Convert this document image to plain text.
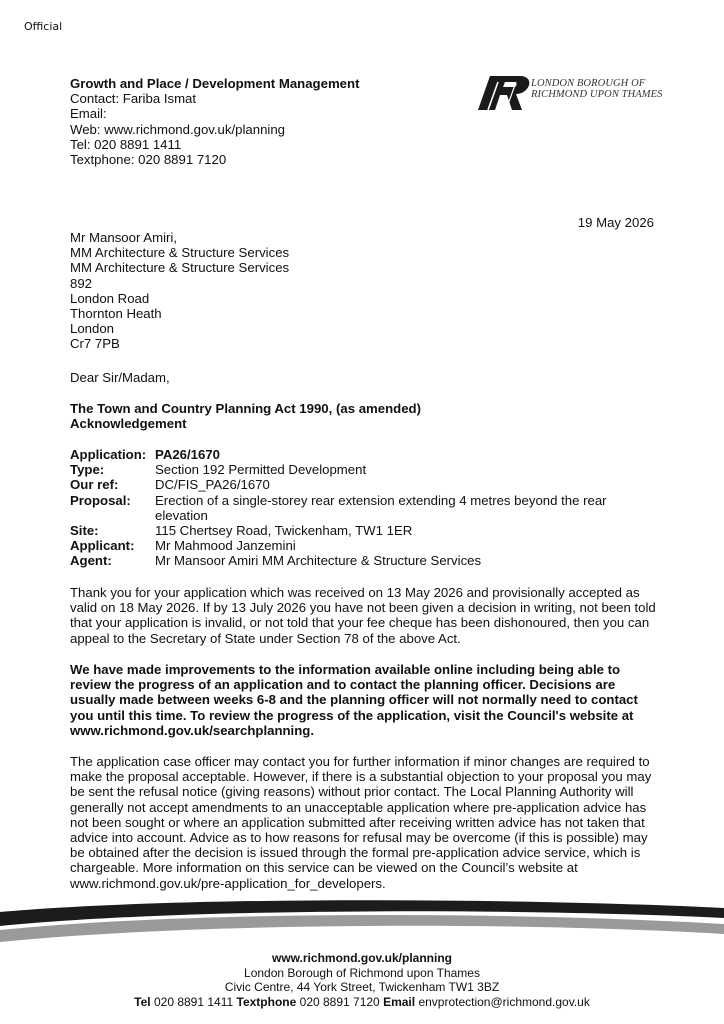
Official
Growth and Place / Development Management
Contact: Fariba Ismat
Email:
Web: www.richmond.gov.uk/planning
Tel: 020 8891 1411
Textphone: 020 8891 7120
LONDON BOROUGH OF
RICHMOND UPON THAMES
19 May 2026
Mr Mansoor Amiri,
MM Architecture & Structure Services
MM Architecture & Structure Services
892
London Road
Thornton Heath
London
Cr7 7PB
Dear Sir/Madam,
The Town and Country Planning Act 1990, (as amended)
Acknowledgement
Application: PA26/1670
Type:	Section 192 Permitted Development
Our ref:	DC/FIS_PA26/1670
Proposal:	Erection of a single-storey rear extension extending 4 metres beyond the rear elevation
Site:	115 Chertsey Road, Twickenham, TW1 1ER
Applicant:	Mr Mahmood Janzemini
Agent:	Mr Mansoor Amiri MM Architecture & Structure Services
Thank you for your application which was received on 13 May 2026 and provisionally accepted as valid on 18 May 2026. If by 13 July 2026 you have not been given a decision in writing, not been told that your application is invalid, or not told that your fee cheque has been dishonoured, then you can appeal to the Secretary of State under Section 78 of the above Act.
We have made improvements to the information available online including being able to review the progress of an application and to contact the planning officer. Decisions are usually made between weeks 6-8 and the planning officer will not normally need to contact you until this time. To review the progress of the application, visit the Council's website at www.richmond.gov.uk/searchplanning.
The application case officer may contact you for further information if minor changes are required to make the proposal acceptable. However, if there is a substantial objection to your proposal you may be sent the refusal notice (giving reasons) without prior contact. The Local Planning Authority will generally not accept amendments to an unacceptable application where pre-application advice has not been sought or where an application submitted after receiving written advice has not taken that advice into account. Advice as to how reasons for refusal may be overcome (if this is possible) may be obtained after the decision is issued through the formal pre-application advice service, which is chargeable. More information on this service can be viewed on the Council’s website at www.richmond.gov.uk/pre-application_for_developers.
www.richmond.gov.uk/planning
London Borough of Richmond upon Thames
Civic Centre, 44 York Street, Twickenham TW1 3BZ
Tel 020 8891 1411 Textphone 020 8891 7120 Email envprotection@richmond.gov.uk
